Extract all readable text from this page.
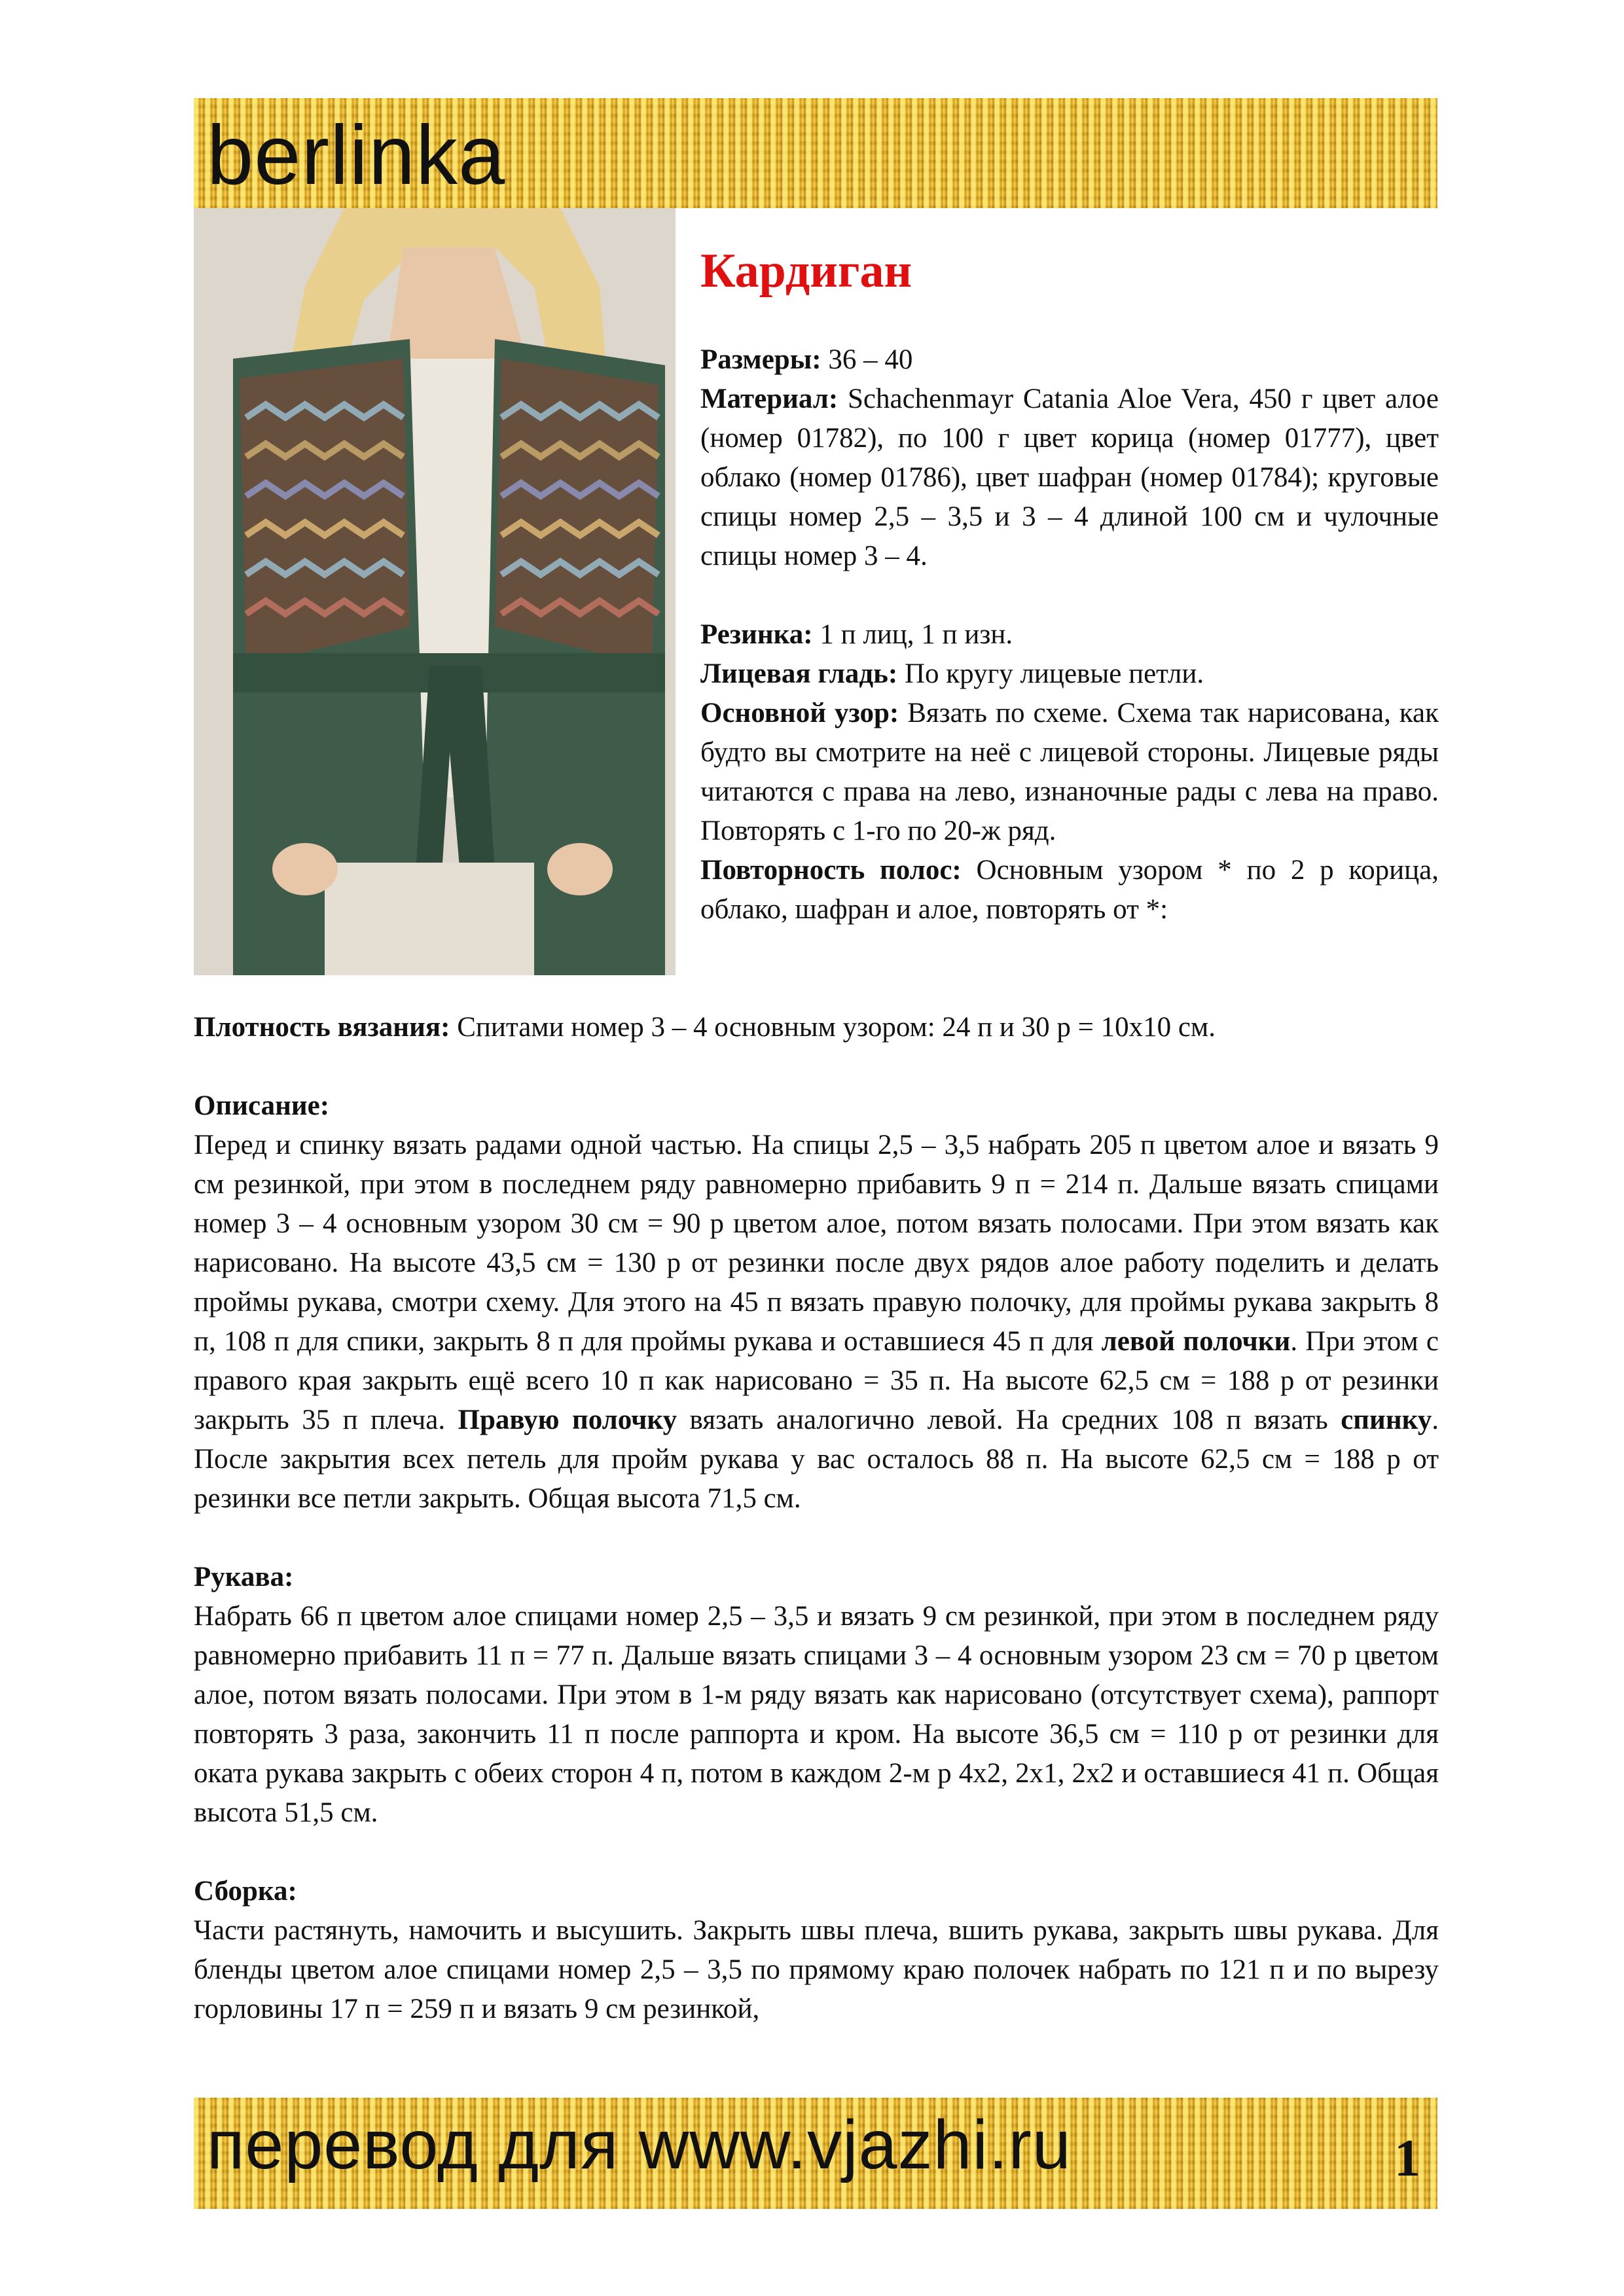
berlinka
Кардиган

Размеры: 36 – 40

Материал: Schachenmayr Catania Aloe Vera, 450 г цвет алое (номер 01782), по 100 г цвет корица (номер 01777), цвет облако (номер 01786), цвет шафран (номер 01784); круговые спицы номер 2,5 – 3,5 и 3 – 4 длиной 100 см и чулочные спицы номер 3 – 4.

Резинка: 1 п лиц, 1 п изн.

Лицевая гладь: По кругу лицевые петли.

Основной узор: Вязать по схеме. Схема так нарисована, как будто вы смотрите на неё с лицевой стороны. Лицевые ряды читаются с права на лево, изнаночные рады с лева на право. Повторять с 1-го по 20-ж ряд.

Повторность полос: Основным узором * по 2 р корица, облако, шафран и алое, повторять от *:

Плотность вязания: Спитами номер 3 – 4 основным узором: 24 п и 30 р = 10х10 см.

Описание:

Перед и спинку вязать радами одной частью. На спицы 2,5 – 3,5 набрать 205 п цветом алое и вязать 9 см резинкой, при этом в последнем ряду равномерно прибавить 9 п = 214 п. Дальше вязать спицами номер 3 – 4 основным узором 30 см = 90 р цветом алое, потом вязать полосами. При этом вязать как нарисовано. На высоте 43,5 см = 130 р от резинки после двух рядов алое работу поделить и делать проймы рукава, смотри схему. Для этого на 45 п вязать правую полочку, для проймы рукава закрыть 8 п, 108 п для спики, закрыть 8 п для проймы рукава и оставшиеся 45 п для левой полочки. При этом с правого края закрыть ещё всего 10 п как нарисовано = 35 п. На высоте 62,5 см = 188 р от резинки закрыть 35 п плеча. Правую полочку вязать аналогично левой. На средних 108 п вязать спинку. После закрытия всех петель для пройм рукава у вас осталось 88 п. На высоте 62,5 см = 188 р от резинки все петли закрыть. Общая высота 71,5 см.

Рукава:

Набрать 66 п цветом алое спицами номер 2,5 – 3,5 и вязать 9 см резинкой, при этом в последнем ряду равномерно прибавить 11 п = 77 п. Дальше вязать спицами 3 – 4 основным узором 23 см = 70 р цветом алое, потом вязать полосами. При этом в 1-м ряду вязать как нарисовано (отсутствует схема), раппорт повторять 3 раза, закончить 11 п после раппорта и кром. На высоте 36,5 см = 110 р от резинки для оката рукава закрыть с обеих сторон 4 п, потом в каждом 2-м р 4х2, 2х1, 2х2 и оставшиеся 41 п. Общая высота 51,5 см.

Сборка:

Части растянуть, намочить и высушить. Закрыть швы плеча, вшить рукава, закрыть швы рукава. Для бленды цветом алое спицами номер 2,5 – 3,5 по прямому краю полочек набрать по 121 п и по вырезу горловины 17 п = 259 п и вязать 9 см резинкой,

перевод для www.vjazhi.ru	1
